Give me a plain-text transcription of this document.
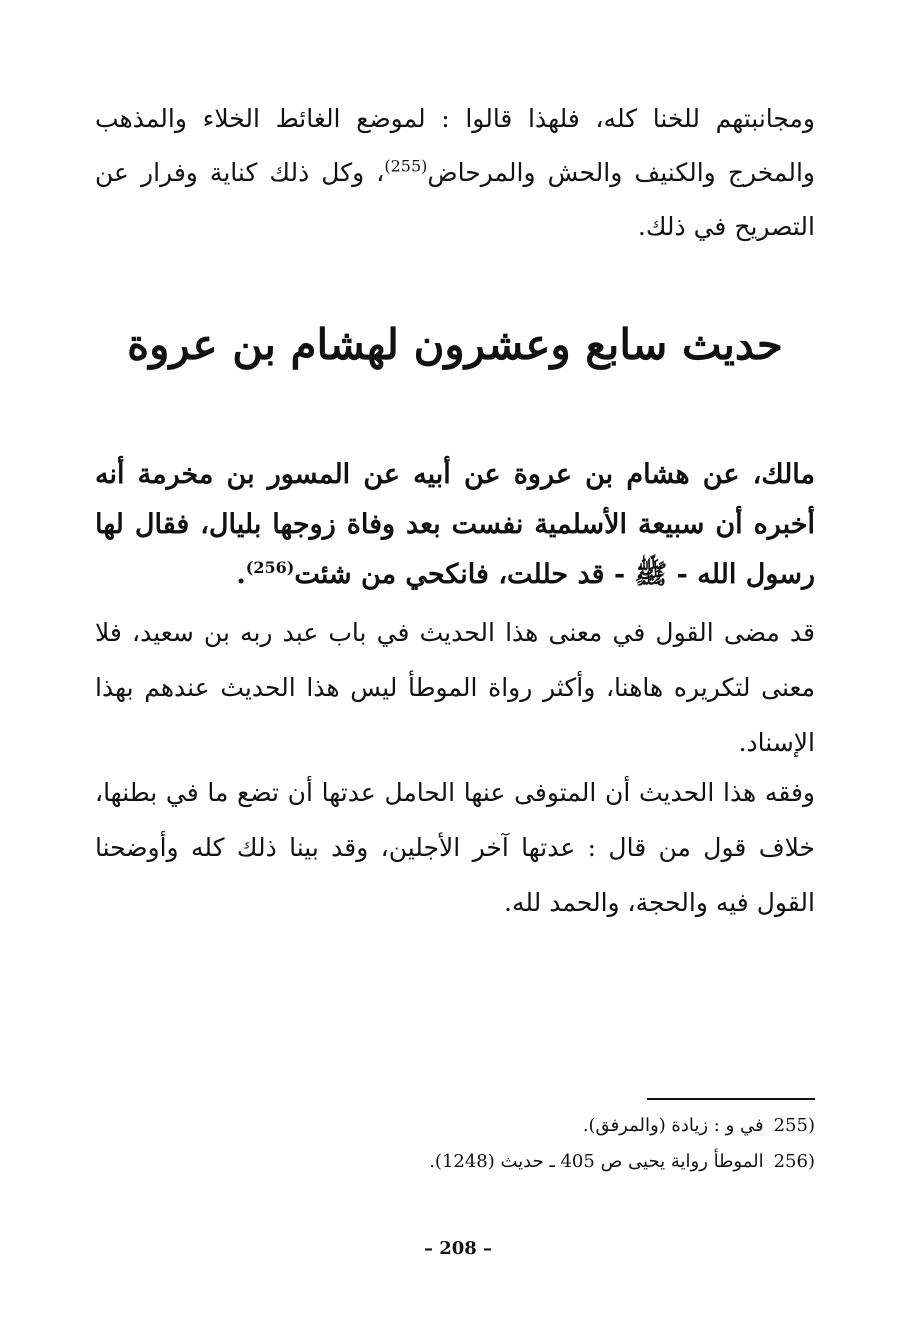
ومجانبتهم للخنا كله، فلهذا قالوا : لموضع الغائط الخلاء والمذهب والمخرج والكنيف والحش والمرحاض$^{(255)}$، وكل ذلك كناية وفرار عن التصريح في ذلك.

حديث سابع وعشرون لهشام بن عروة

مالك، عن هشام بن عروة عن أبيه عن المسور بن مخرمة أنه أخبره أن سبيعة الأسلمية نفست بعد وفاة زوجها بليال، فقال لها رسول الله - ﷺ - قد حللت، فانكحي من شئت$^{(256)}$.

قد مضى القول في معنى هذا الحديث في باب عبد ربه بن سعيد، فلا معنى لتكريره هاهنا، وأكثر رواة الموطأ ليس هذا الحديث عندهم بهذا الإسناد.

وفقه هذا الحديث أن المتوفى عنها الحامل عدتها أن تضع ما في بطنها، خلاف قول من قال : عدتها آخر الأجلين، وقد بينا ذلك كله وأوضحنا القول فيه والحجة، والحمد لله.

(255في و : زيادة (والمرفق).
(256الموطأ رواية يحيى ص 405 ـ حديث (1248).
– 208 –
